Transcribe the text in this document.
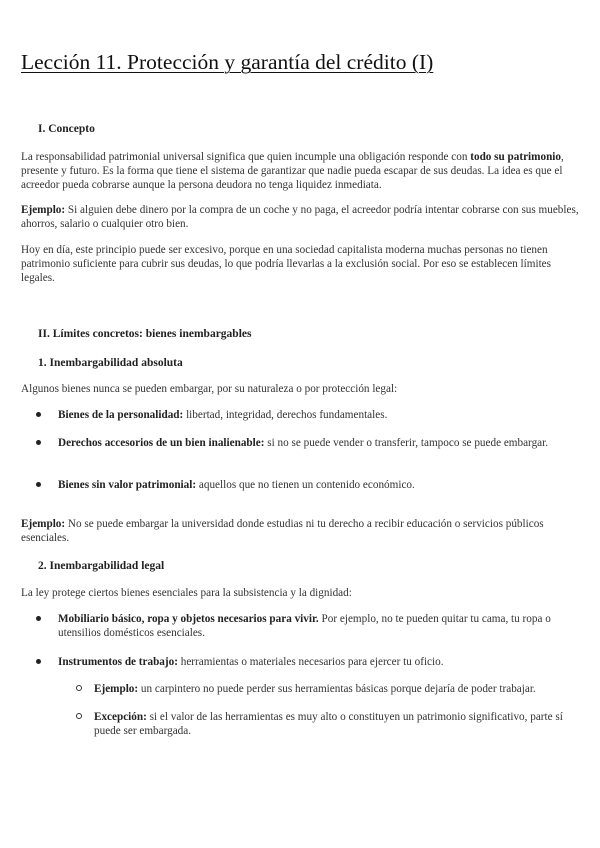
Lección 11. Protección y garantía del crédito (I)
I. Concepto

La responsabilidad patrimonial universal significa que quien incumple una obligación responde con todo su patrimonio, presente y futuro. Es la forma que tiene el sistema de garantizar que nadie pueda escapar de sus deudas. La idea es que el acreedor pueda cobrarse aunque la persona deudora no tenga liquidez inmediata.

Ejemplo: Si alguien debe dinero por la compra de un coche y no paga, el acreedor podría intentar cobrarse con sus muebles, ahorros, salario o cualquier otro bien.

Hoy en día, este principio puede ser excesivo, porque en una sociedad capitalista moderna muchas personas no tienen patrimonio suficiente para cubrir sus deudas, lo que podría llevarlas a la exclusión social. Por eso se establecen límites legales.

II. Límites concretos: bienes inembargables
1. Inembargabilidad absoluta

Algunos bienes nunca se pueden embargar, por su naturaleza o por protección legal:

Bienes de la personalidad: libertad, integridad, derechos fundamentales.
Derechos accesorios de un bien inalienable: si no se puede vender o transferir, tampoco se puede embargar.
Bienes sin valor patrimonial: aquellos que no tienen un contenido económico.

Ejemplo: No se puede embargar la universidad donde estudias ni tu derecho a recibir educación o servicios públicos esenciales.

2. Inembargabilidad legal

La ley protege ciertos bienes esenciales para la subsistencia y la dignidad:

Mobiliario básico, ropa y objetos necesarios para vivir. Por ejemplo, no te pueden quitar tu cama, tu ropa o utensilios domésticos esenciales.
Instrumentos de trabajo: herramientas o materiales necesarios para ejercer tu oficio.
Ejemplo: un carpintero no puede perder sus herramientas básicas porque dejaría de poder trabajar.
Excepción: si el valor de las herramientas es muy alto o constituyen un patrimonio significativo, parte sí puede ser embargada.
